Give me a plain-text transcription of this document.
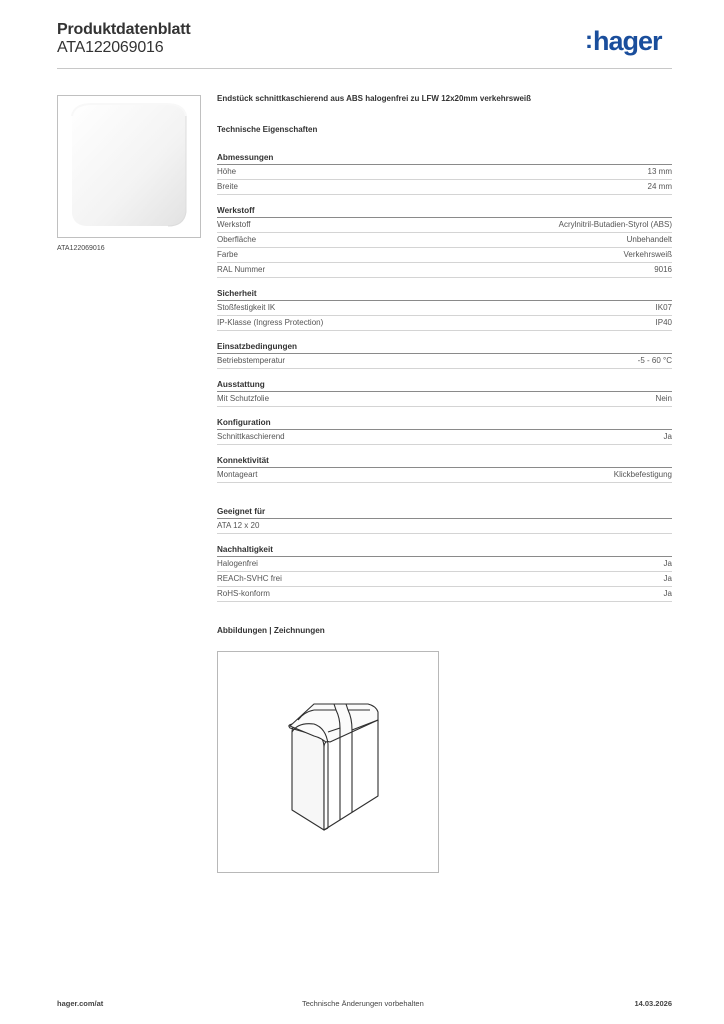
Produktdatenblatt
ATA122069016	:hager
ATA122069016
Endstück schnittkaschierend aus ABS halogenfrei zu LFW 12x20mm verkehrsweiß
Technische Eigenschaften
Abmessungen
Höhe	13 mm
Breite	24 mm
Werkstoff
Werkstoff	Acrylnitril-Butadien-Styrol (ABS)
Oberfläche	Unbehandelt
Farbe	Verkehrsweiß
RAL Nummer	9016
Sicherheit
Stoßfestigkeit IK	IK07
IP-Klasse (Ingress Protection)	IP40
Einsatzbedingungen
Betriebstemperatur	-5 - 60 °C
Ausstattung
Mit Schutzfolie	Nein
Konfiguration
Schnittkaschierend	Ja
Konnektivität
Montageart	Klickbefestigung
Geeignet für
ATA 12 x 20
Nachhaltigkeit
Halogenfrei	Ja
REACh-SVHC frei	Ja
RoHS-konform	Ja
Abbildungen | Zeichnungen
hager.com/at	Technische Änderungen vorbehalten	14.03.2026
